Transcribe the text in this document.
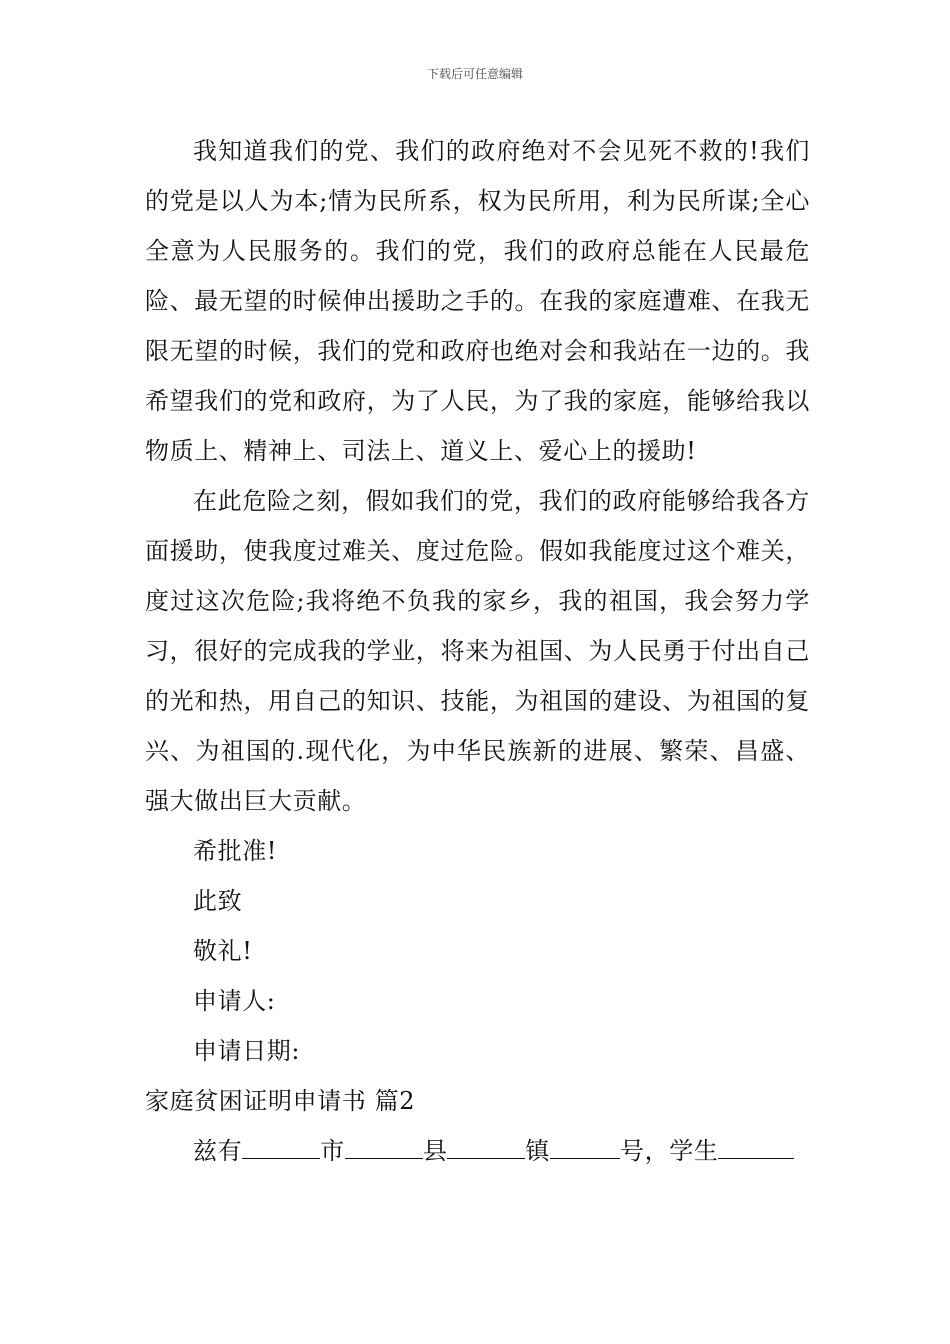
下载后可任意编辑

我知道我们的党、我们的政府绝对不会见死不救的!我们的党是以人为本;情为民所系，权为民所用，利为民所谋;全心全意为人民服务的。我们的党，我们的政府总能在人民最危险、最无望的时候伸出援助之手的。在我的家庭遭难、在我无限无望的时候，我们的党和政府也绝对会和我站在一边的。我希望我们的党和政府，为了人民，为了我的家庭，能够给我以物质上、精神上、司法上、道义上、爱心上的援助!

在此危险之刻，假如我们的党，我们的政府能够给我各方面援助，使我度过难关、度过危险。假如我能度过这个难关，度过这次危险;我将绝不负我的家乡，我的祖国，我会努力学习，很好的完成我的学业，将来为祖国、为人民勇于付出自己的光和热，用自己的知识、技能，为祖国的建设、为祖国的复兴、为祖国的.现代化，为中华民族新的进展、繁荣、昌盛、强大做出巨大贡献。

希批准!

此致

敬礼!

申请人:

申请日期:

家庭贫困证明申请书 篇2

兹有	市	县	镇	号，学生
